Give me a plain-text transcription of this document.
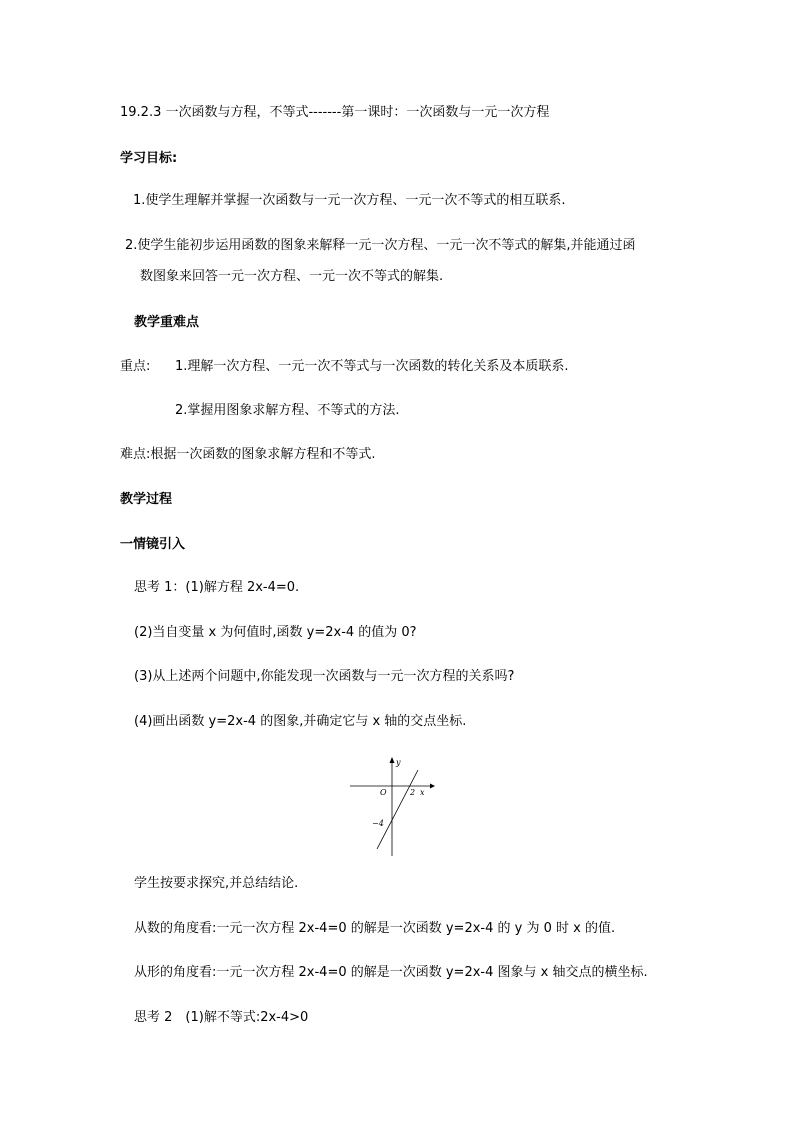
19.2.3 一次函数与方程，不等式-------第一课时：一次函数与一元一次方程
学习目标:
1.使学生理解并掌握一次函数与一元一次方程、一元一次不等式的相互联系.
2.使学生能初步运用函数的图象来解释一元一次方程、一元一次不等式的解集,并能通过函
数图象来回答一元一次方程、一元一次不等式的解集.
教学重难点
重点: 1.理解一次方程、一元一次不等式与一次函数的转化关系及本质联系.
2.掌握用图象求解方程、不等式的方法.
难点:根据一次函数的图象求解方程和不等式.
教学过程
一情镜引入
思考 1：(1)解方程 2x-4=0.
(2)当自变量 x 为何值时,函数 y=2x-4 的值为 0?
(3)从上述两个问题中,你能发现一次函数与一元一次方程的关系吗?
(4)画出函数 y=2x-4 的图象,并确定它与 x 轴的交点坐标.
y
x
O	2
−4
学生按要求探究,并总结结论.
从数的角度看:一元一次方程 2x-4=0 的解是一次函数 y=2x-4 的 y 为 0 时 x 的值.
从形的角度看:一元一次方程 2x-4=0 的解是一次函数 y=2x-4 图象与 x 轴交点的横坐标.
思考 2　(1)解不等式:2x-4>0
